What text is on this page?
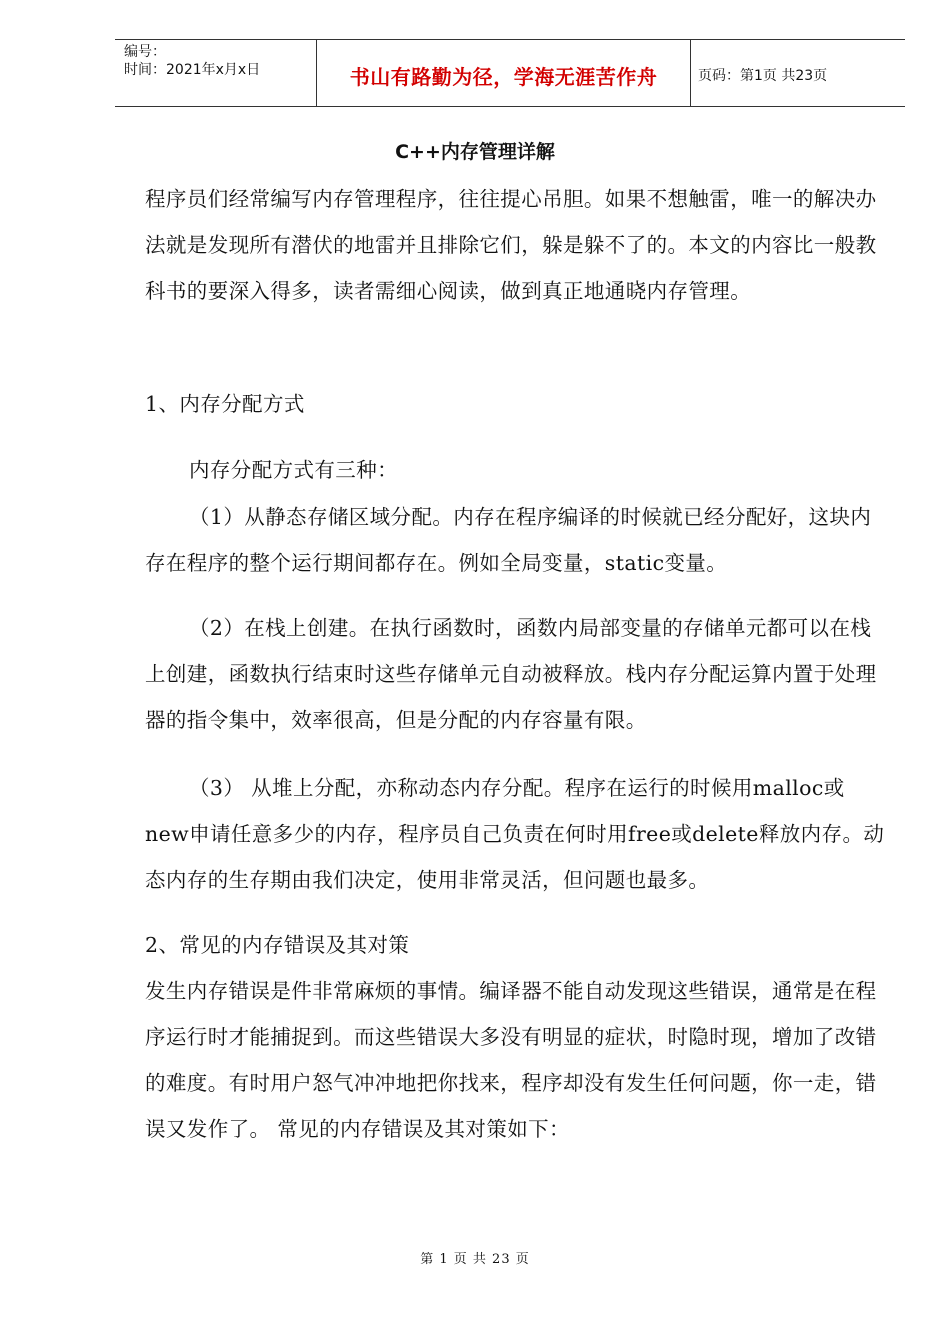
编号：
时间：2021年x月x日	书山有路勤为径，学海无涯苦作舟	页码：第1页 共23页
C++内存管理详解

程序员们经常编写内存管理程序，往往提心吊胆。如果不想触雷，唯一的解决办法就是发现所有潜伏的地雷并且排除它们，躲是躲不了的。本文的内容比一般教科书的要深入得多，读者需细心阅读，做到真正地通晓内存管理。

1、内存分配方式

内存分配方式有三种：

（1）从静态存储区域分配。内存在程序编译的时候就已经分配好，这块内存在程序的整个运行期间都存在。例如全局变量，static变量。

（2）在栈上创建。在执行函数时，函数内局部变量的存储单元都可以在栈上创建，函数执行结束时这些存储单元自动被释放。栈内存分配运算内置于处理器的指令集中，效率很高，但是分配的内存容量有限。

（3） 从堆上分配，亦称动态内存分配。程序在运行的时候用malloc或new申请任意多少的内存，程序员自己负责在何时用free或delete释放内存。动态内存的生存期由我们决定，使用非常灵活，但问题也最多。

2、常见的内存错误及其对策

发生内存错误是件非常麻烦的事情。编译器不能自动发现这些错误，通常是在程序运行时才能捕捉到。而这些错误大多没有明显的症状，时隐时现，增加了改错的难度。有时用户怒气冲冲地把你找来，程序却没有发生任何问题，你一走，错误又发作了。 常见的内存错误及其对策如下：

第 1 页 共 23 页
